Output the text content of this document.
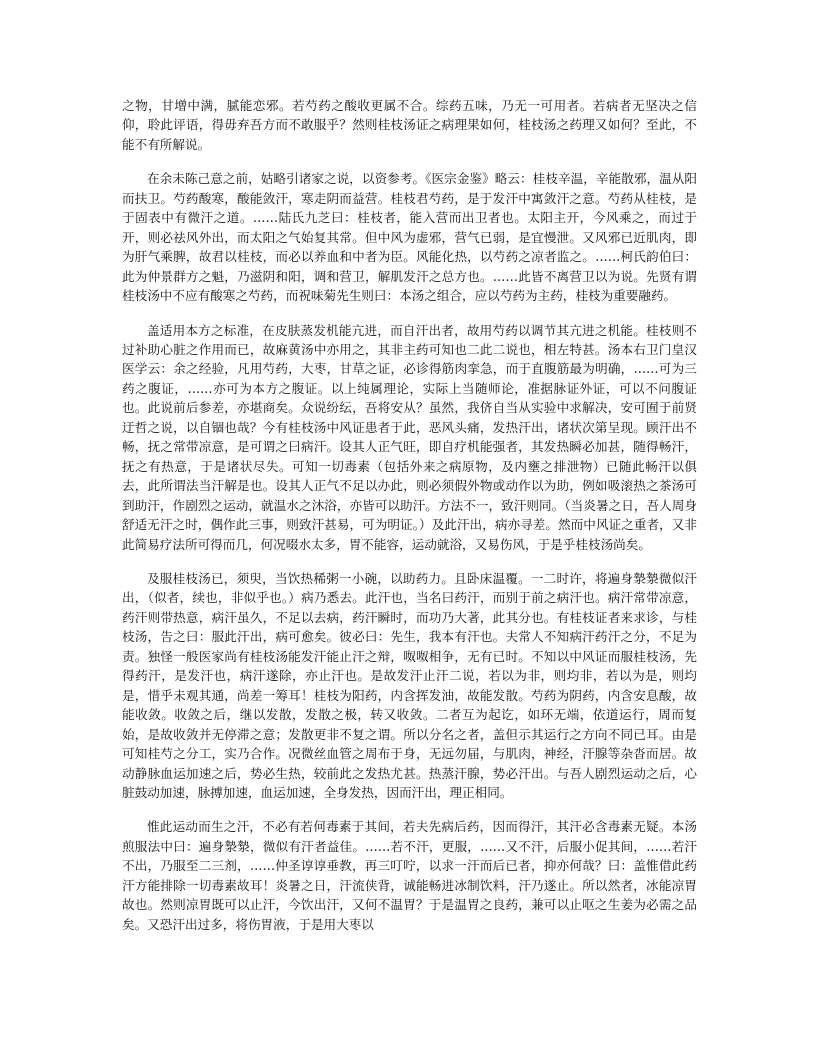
之物，甘增中满，腻能恋邪。若芍药之酸收更属不合。综药五味，乃无一可用者。若病者无坚决之信仰，聆此评语，得毋弃吾方而不敢服乎？然则桂枝汤证之病理果如何，桂枝汤之药理又如何？至此，不能不有所解说。

在余未陈己意之前，姑略引诸家之说，以资参考。《医宗金鉴》略云：桂枝辛温，辛能散邪，温从阳而扶卫。芍药酸寒，酸能敛汗，寒走阴而益营。桂枝君芍药，是于发汗中寓敛汗之意。芍药从桂枝，是于固表中有微汗之道。……陆氏九芝曰：桂枝者，能入营而出卫者也。太阳主开，今风乘之，而过于开，则必祛风外出，而太阳之气始复其常。但中风为虚邪，营气已弱，是宜慢泄。又风邪已近肌肉，即为肝气乘脾，故君以桂枝，而必以养血和中者为臣。风能化热，以芍药之凉者监之。……柯氏韵伯曰：此为仲景群方之魁，乃滋阴和阳，调和营卫，解肌发汗之总方也。……此皆不离营卫以为说。先贤有谓桂枝汤中不应有酸寒之芍药，而祝味菊先生则曰：本汤之组合，应以芍药为主药，桂枝为重要融药。

盖适用本方之标准，在皮肤蒸发机能亢进，而自汗出者，故用芍药以调节其亢进之机能。桂枝则不过补助心脏之作用而已，故麻黄汤中亦用之，其非主药可知也二此二说也，相左特甚。汤本右卫门皇汉医学云：余之经验，凡用芍药，大枣，甘草之证，必诊得筋肉挛急，而于直腹筋最为明确，……可为三药之腹证，……亦可为本方之腹证。以上纯属理论，实际上当随师论，准据脉证外证，可以不问腹证也。此说前后参差，亦堪商矣。众说纷纭，吾将安从？虽然，我侪自当从实验中求解决，安可囿于前贤迂哲之说，以自锢也哉？今有桂枝汤中风证患者于此，恶风头痛，发热汗出，诸状次第呈现。顾汗出不畅，抚之常带凉意，是可谓之曰病汗。设其人正气旺，即自疗机能强者，其发热瞬必加甚，随得畅汗，抚之有热意，于是诸状尽失。可知一切毒素（包括外来之病原物，及内壅之排泄物）已随此畅汗以俱去，此所谓法当汗解是也。设其人正气不足以办此，则必须假外物或动作以为助，例如吸滚热之茶汤可到助汗，作剧烈之运动，就温水之沐浴，亦皆可以助汗。方法不一，致汗则同。（当炎暑之日，吾人周身舒适无汗之时，偶作此三事，则致汗甚易，可为明证。）及此汗出，病亦寻差。然而中风证之重者，又非此简易疗法所可得而几，何况啜水太多，胃不能容，运动就浴，又易伤风，于是乎桂枝汤尚矣。

及服桂枝汤已，须臾，当饮热稀粥一小碗，以助药力。且卧床温覆。一二时许，将遍身漐漐微似汗出，（似者，续也，非似乎也。）病乃悉去。此汗也，当名曰药汗，而别于前之病汗也。病汗常带凉意，药汗则带热意，病汗虽久，不足以去病，药汗瞬时，而功乃大著，此其分也。有桂枝证者来求诊，与桂枝汤，告之曰：服此汗出，病可愈矣。彼必曰：先生，我本有汗也。夫常人不知病汗药汗之分，不足为责。独怪一般医家尚有桂枝汤能发汗能止汗之辩，呶呶相争，无有已时。不知以中风证而服桂枝汤，先得药汗，是发汗也，病汗遂除，亦止汗也。是故发汗止汗二说，若以为非，则均非，若以为是，则均是，惜乎未观其通，尚差一筹耳！桂枝为阳药，内含挥发油，故能发散。芍药为阴药，内含安息酸，故能收敛。收敛之后，继以发散，发散之极，转又收敛。二者互为起讫，如环无端，依道运行，周而复始，是故收敛并无停滞之意；发散更非不复之谓。所以分名之者，盖但示其运行之方向不同已耳。由是可知桂芍之分工，实乃合作。况微丝血管之周布于身，无远勿届，与肌肉，神经，汗腺等杂沓而居。故动静脉血运加速之后，势必生热，较前此之发热尤甚。热蒸汗腺，势必汗出。与吾人剧烈运动之后，心脏鼓动加速，脉搏加速，血运加速，全身发热，因而汗出，理正相同。

惟此运动而生之汗，不必有若何毒素于其间，若夫先病后药，因而得汗，其汗必含毒素无疑。本汤煎服法中曰：遍身漐漐，微似有汗者益佳。……若不汗，更服，……又不汗，后服小促其间，……若汗不出，乃服至二三剂，……仲圣谆谆垂教，再三叮咛，以求一汗而后已者，抑亦何哉？曰：盖惟借此药汗方能排除一切毒素故耳！炎暑之日，汗流侠背，诚能畅进冰制饮料，汗乃遂止。所以然者，冰能凉胃故也。然则凉胃既可以止汗，今饮出汗，又何不温胃？于是温胃之良药，兼可以止呕之生姜为必需之品矣。又恐汗出过多，将伤胃液，于是用大枣以
